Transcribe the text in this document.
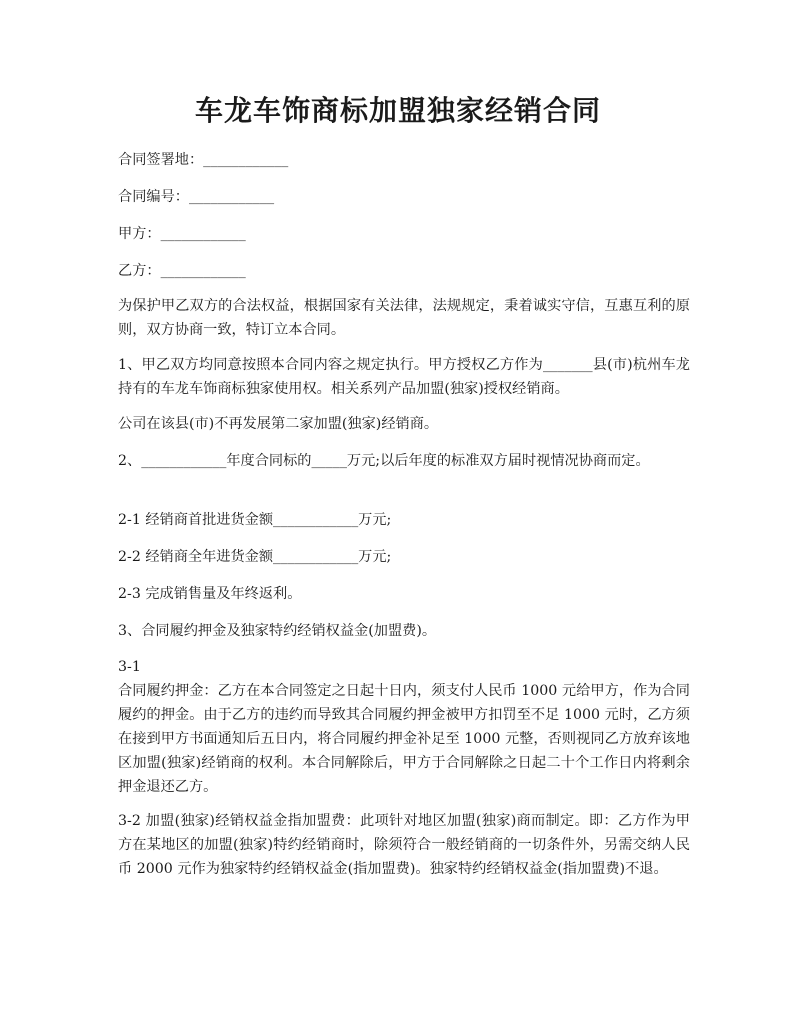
车龙车饰商标加盟独家经销合同

合同签署地：____________

合同编号：____________

甲方：____________

乙方：____________

为保护甲乙双方的合法权益，根据国家有关法律，法规规定，秉着诚实守信，互惠互利的原则，双方协商一致，特订立本合同。

1、甲乙双方均同意按照本合同内容之规定执行。甲方授权乙方作为_______县(市)杭州车龙持有的车龙车饰商标独家使用权。相关系列产品加盟(独家)授权经销商。

公司在该县(市)不再发展第二家加盟(独家)经销商。

2、____________年度合同标的_____万元;以后年度的标准双方届时视情况协商而定。

2-1 经销商首批进货金额____________万元;

2-2 经销商全年进货金额____________万元;

2-3 完成销售量及年终返利。

3、合同履约押金及独家特约经销权益金(加盟费)。

3-1

合同履约押金：乙方在本合同签定之日起十日内，须支付人民币 1000 元给甲方，作为合同履约的押金。由于乙方的违约而导致其合同履约押金被甲方扣罚至不足 1000 元时，乙方须在接到甲方书面通知后五日内，将合同履约押金补足至 1000 元整，否则视同乙方放弃该地区加盟(独家)经销商的权利。本合同解除后，甲方于合同解除之日起二十个工作日内将剩余押金退还乙方。

3-2 加盟(独家)经销权益金指加盟费：此项针对地区加盟(独家)商而制定。即：乙方作为甲方在某地区的加盟(独家)特约经销商时，除须符合一般经销商的一切条件外，另需交纳人民币 2000 元作为独家特约经销权益金(指加盟费)。独家特约经销权益金(指加盟费)不退。
